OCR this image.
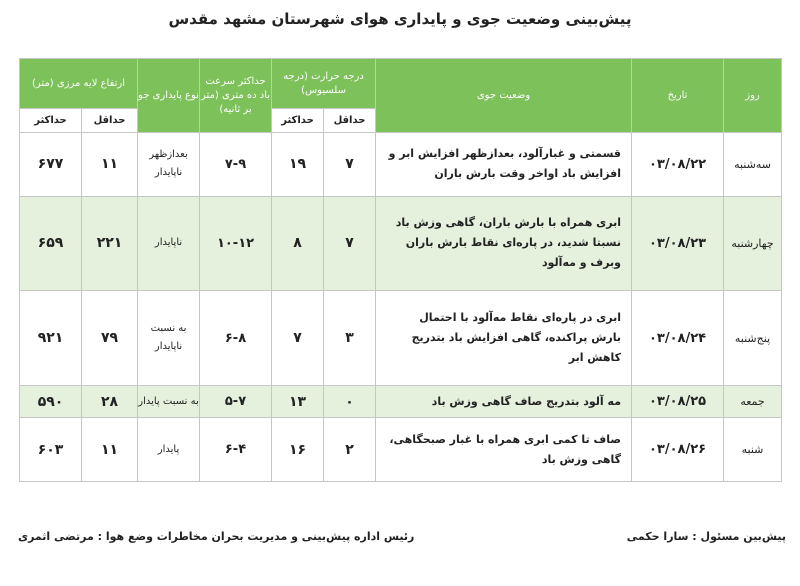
پیش‌بینی وضعیت جوی و پایداری هوای شهرستان مشهد مقدس
روز	تاریخ	وضعیت جوی	درجه حرارت (درجه سلسیوس)		حداکثر سرعت باد ده متری (متر بر ثانیه)	نوع پایداری جو	ارتفاع لایه مرزی (متر)	
			حداقل	حداکثر			حداقل	حداکثر
سه‌شنبه	۰۳/۰۸/۲۲	قسمتی و غبارآلود، بعدازظهر افزایش ابر و افزایش باد اواخر وقت بارش باران	۷	۱۹	۷-۹	بعدازظهر ناپایدار	۱۱	۶۷۷
چهارشنبه	۰۳/۰۸/۲۳	ابری همراه با بارش باران، گاهی وزش باد نسبتا شدید، در پاره‌ای نقاط بارش باران وبرف و مه‌آلود	۷	۸	۱۰-۱۲	ناپایدار	۲۲۱	۶۵۹
پنج‌شنبه	۰۳/۰۸/۲۴	ابری در پاره‌ای نقاط مه‌آلود با احتمال بارش پراکنده، گاهی افزایش باد بتدریج کاهش ابر	۳	۷	۶-۸	به نسبت ناپایدار	۷۹	۹۲۱
جمعه	۰۳/۰۸/۲۵	مه آلود بتدریج صاف گاهی وزش باد	۰	۱۳	۵-۷	به نسبت پایدار	۲۸	۵۹۰
شنبه	۰۳/۰۸/۲۶	صاف تا کمی ابری همراه با غبار صبحگاهی، گاهی وزش باد	۲	۱۶	۶-۴	پایدار	۱۱	۶۰۳
پیش‌بین مسئول : سارا حکمی
رئیس اداره پیش‌بینی و مدیریت بحران مخاطرات وضع هوا : مرتضی اثمری
